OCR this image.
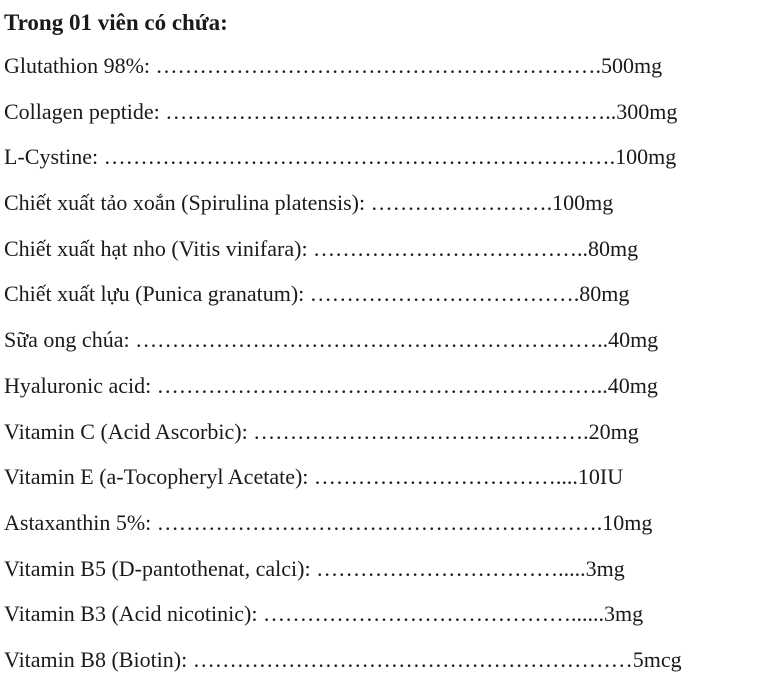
Trong 01 viên có chứa:
Glutathion 98%: …………………………………………………….500mg
Collagen peptide: ……………………………………………………..300mg
L-Cystine: …………………………………………………………….100mg
Chiết xuất tảo xoắn (Spirulina platensis): …………………….100mg
Chiết xuất hạt nho (Vitis vinifara): ………………………………..80mg
Chiết xuất lựu (Punica granatum): ……………………………….80mg
Sữa ong chúa: ………………………………………………………..40mg
Hyaluronic acid: ……………………………………………………..40mg
Vitamin C (Acid Ascorbic): ……………………………………….20mg
Vitamin E (a-Tocopheryl Acetate): ……………………………....10IU
Astaxanthin 5%: …………………………………………………….10mg
Vitamin B5 (D-pantothenat, calci): …………………………….....3mg
Vitamin B3 (Acid nicotinic): ……………………………………......3mg
Vitamin B8 (Biotin): ……………………………………………………5mcg
